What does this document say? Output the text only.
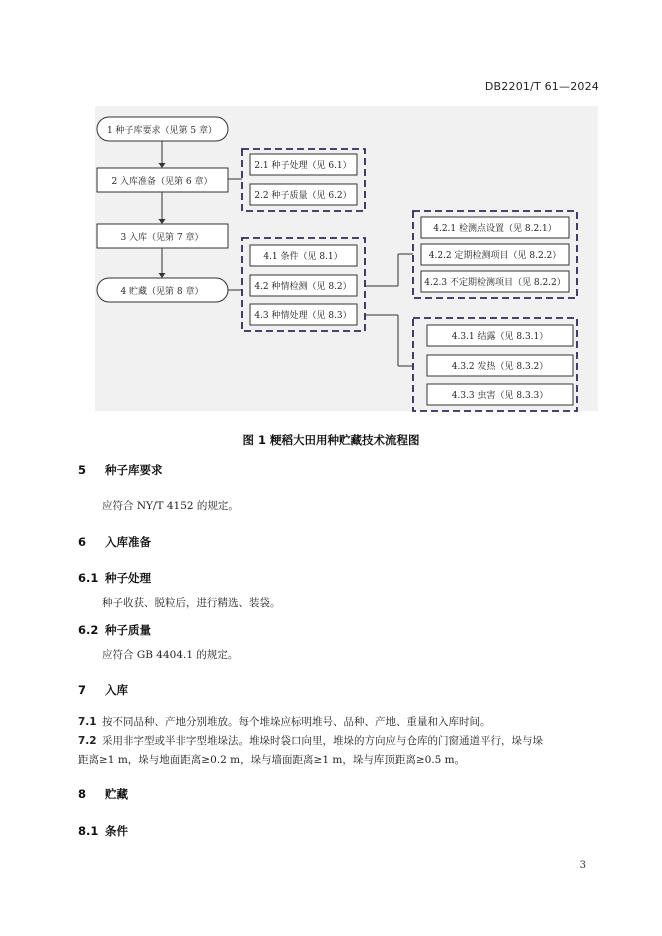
DB2201/T 61—2024
1 种子库要求（见第 5 章）
2 入库准备（见第 6 章）
3 入库（见第 7 章）
4 贮藏（见第 8 章）
2.1 种子处理（见 6.1）
2.2 种子质量（见 6.2）
4.1 条件（见 8.1）
4.2 种情检测（见 8.2）
4.3 种情处理（见 8.3）
4.2.1 检测点设置（见 8.2.1）
4.2.2 定期检测项目（见 8.2.2）
4.2.3 不定期检测项目（见 8.2.2）
4.3.1 结露（见 8.3.1）
4.3.2 发热（见 8.3.2）
4.3.3 虫害（见 8.3.3）
图 1 粳稻大田用种贮藏技术流程图
5 种子库要求
应符合 NY/T 4152 的规定。
6 入库准备
6.1 种子处理
种子收获、脱粒后，进行精选、装袋。
6.2 种子质量
应符合 GB 4404.1 的规定。
7 入库
7.1 按不同品种、产地分别堆放。每个堆垛应标明堆号、品种、产地、重量和入库时间。
7.2 采用非字型或半非字型堆垛法。堆垛时袋口向里，堆垛的方向应与仓库的门窗通道平行，垛与垛
距离≥1 m，垛与地面距离≥0.2 m，垛与墙面距离≥1 m，垛与库顶距离≥0.5 m。
8 贮藏
8.1 条件
3
